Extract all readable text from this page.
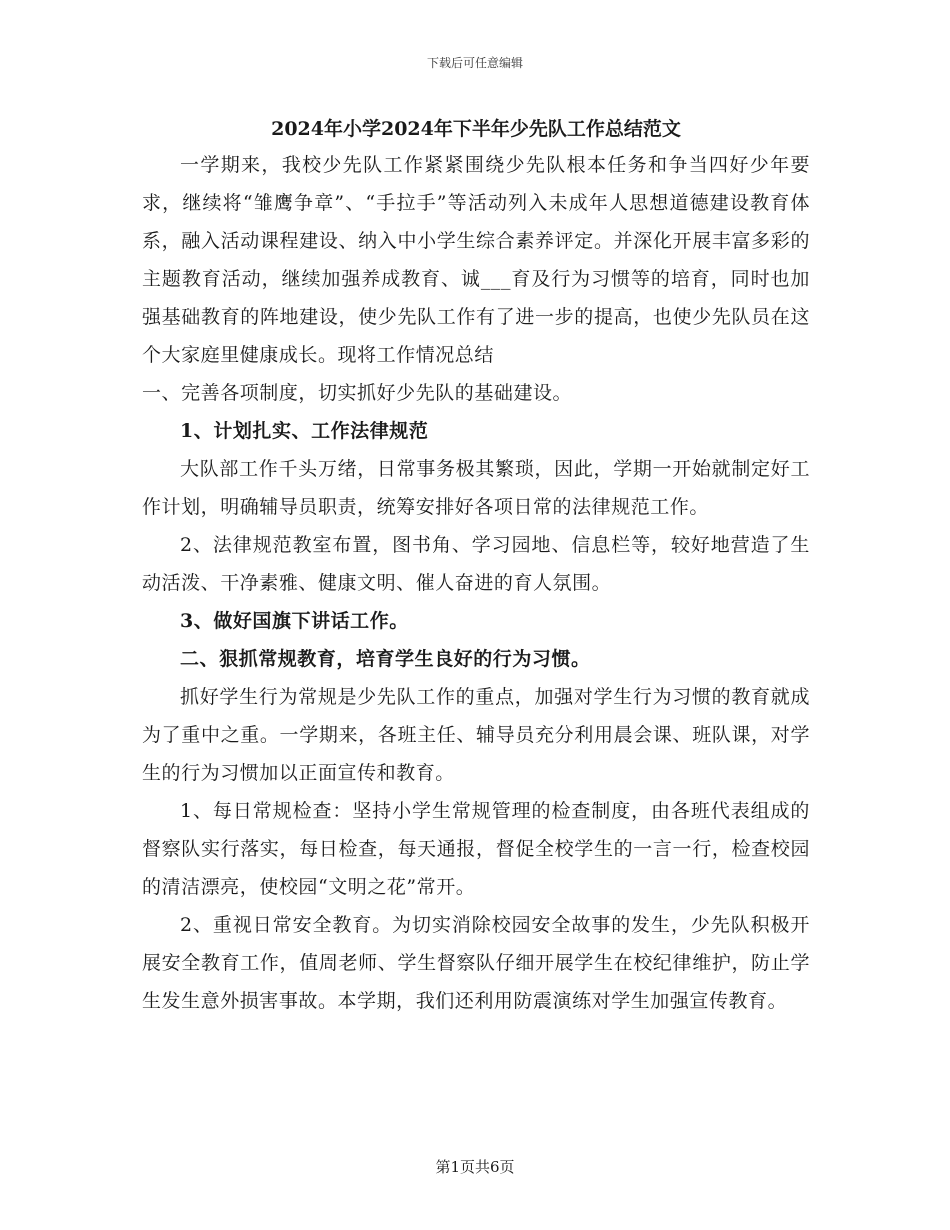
下载后可任意编辑
2024年小学2024年下半年少先队工作总结范文

一学期来，我校少先队工作紧紧围绕少先队根本任务和争当四好少年要求，继续将“雏鹰争章”、“手拉手”等活动列入未成年人思想道德建设教育体系，融入活动课程建设、纳入中小学生综合素养评定。并深化开展丰富多彩的主题教育活动，继续加强养成教育、诚___育及行为习惯等的培育，同时也加强基础教育的阵地建设，使少先队工作有了进一步的提高，也使少先队员在这个大家庭里健康成长。现将工作情况总结

一、完善各项制度，切实抓好少先队的基础建设。

1、计划扎实、工作法律规范

大队部工作千头万绪，日常事务极其繁琐，因此，学期一开始就制定好工作计划，明确辅导员职责，统筹安排好各项日常的法律规范工作。

2、法律规范教室布置，图书角、学习园地、信息栏等，较好地营造了生动活泼、干净素雅、健康文明、催人奋进的育人氛围。

3、做好国旗下讲话工作。

二、狠抓常规教育，培育学生良好的行为习惯。

抓好学生行为常规是少先队工作的重点，加强对学生行为习惯的教育就成为了重中之重。一学期来，各班主任、辅导员充分利用晨会课、班队课，对学生的行为习惯加以正面宣传和教育。

1、每日常规检查：坚持小学生常规管理的检查制度，由各班代表组成的督察队实行落实，每日检查，每天通报，督促全校学生的一言一行，检查校园的清洁漂亮，使校园“文明之花”常开。

2、重视日常安全教育。为切实消除校园安全故事的发生，少先队积极开展安全教育工作，值周老师、学生督察队仔细开展学生在校纪律维护，防止学生发生意外损害事故。本学期，我们还利用防震演练对学生加强宣传教育。

第1页共6页
